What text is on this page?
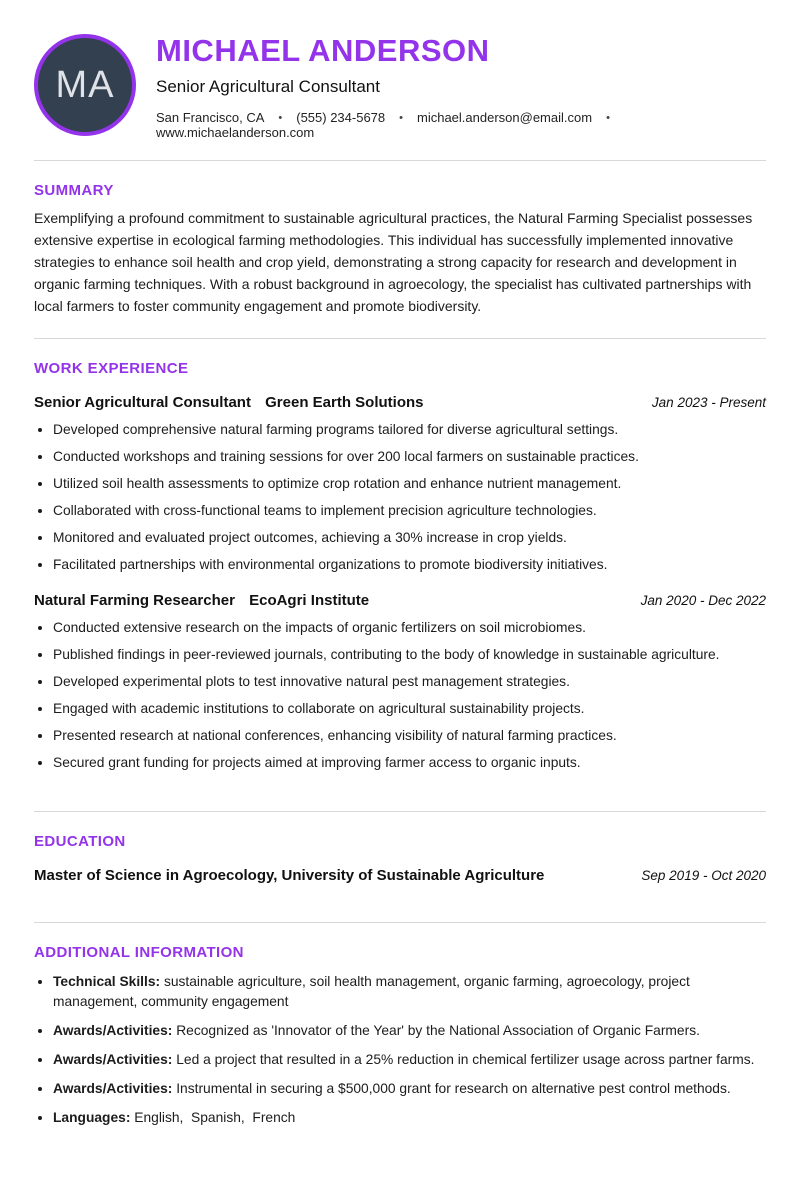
MA
MICHAEL ANDERSON
Senior Agricultural Consultant
San Francisco, CA • (555) 234-5678 • michael.anderson@email.com •
www.michaelanderson.com
SUMMARY

Exemplifying a profound commitment to sustainable agricultural practices, the Natural Farming Specialist possesses extensive expertise in ecological farming methodologies. This individual has successfully implemented innovative strategies to enhance soil health and crop yield, demonstrating a strong capacity for research and development in organic farming techniques. With a robust background in agroecology, the specialist has cultivated partnerships with local farmers to foster community engagement and promote biodiversity.

WORK EXPERIENCE
Senior Agricultural Consultant Green Earth Solutions	Jan 2023 - Present
• Developed comprehensive natural farming programs tailored for diverse agricultural settings.
• Conducted workshops and training sessions for over 200 local farmers on sustainable practices.
• Utilized soil health assessments to optimize crop rotation and enhance nutrient management.
• Collaborated with cross-functional teams to implement precision agriculture technologies.
• Monitored and evaluated project outcomes, achieving a 30% increase in crop yields.
• Facilitated partnerships with environmental organizations to promote biodiversity initiatives.
Natural Farming Researcher EcoAgri Institute	Jan 2020 - Dec 2022
• Conducted extensive research on the impacts of organic fertilizers on soil microbiomes.
• Published findings in peer-reviewed journals, contributing to the body of knowledge in sustainable agriculture.
• Developed experimental plots to test innovative natural pest management strategies.
• Engaged with academic institutions to collaborate on agricultural sustainability projects.
• Presented research at national conferences, enhancing visibility of natural farming practices.
• Secured grant funding for projects aimed at improving farmer access to organic inputs.
EDUCATION
Master of Science in Agroecology, University of Sustainable Agriculture	Sep 2019 - Oct 2020
ADDITIONAL INFORMATION
• Technical Skills: sustainable agriculture, soil health management, organic farming, agroecology, project management, community engagement
• Awards/Activities: Recognized as 'Innovator of the Year' by the National Association of Organic Farmers.
• Awards/Activities: Led a project that resulted in a 25% reduction in chemical fertilizer usage across partner farms.
• Awards/Activities: Instrumental in securing a $500,000 grant for research on alternative pest control methods.
• Languages: English,  Spanish,  French
